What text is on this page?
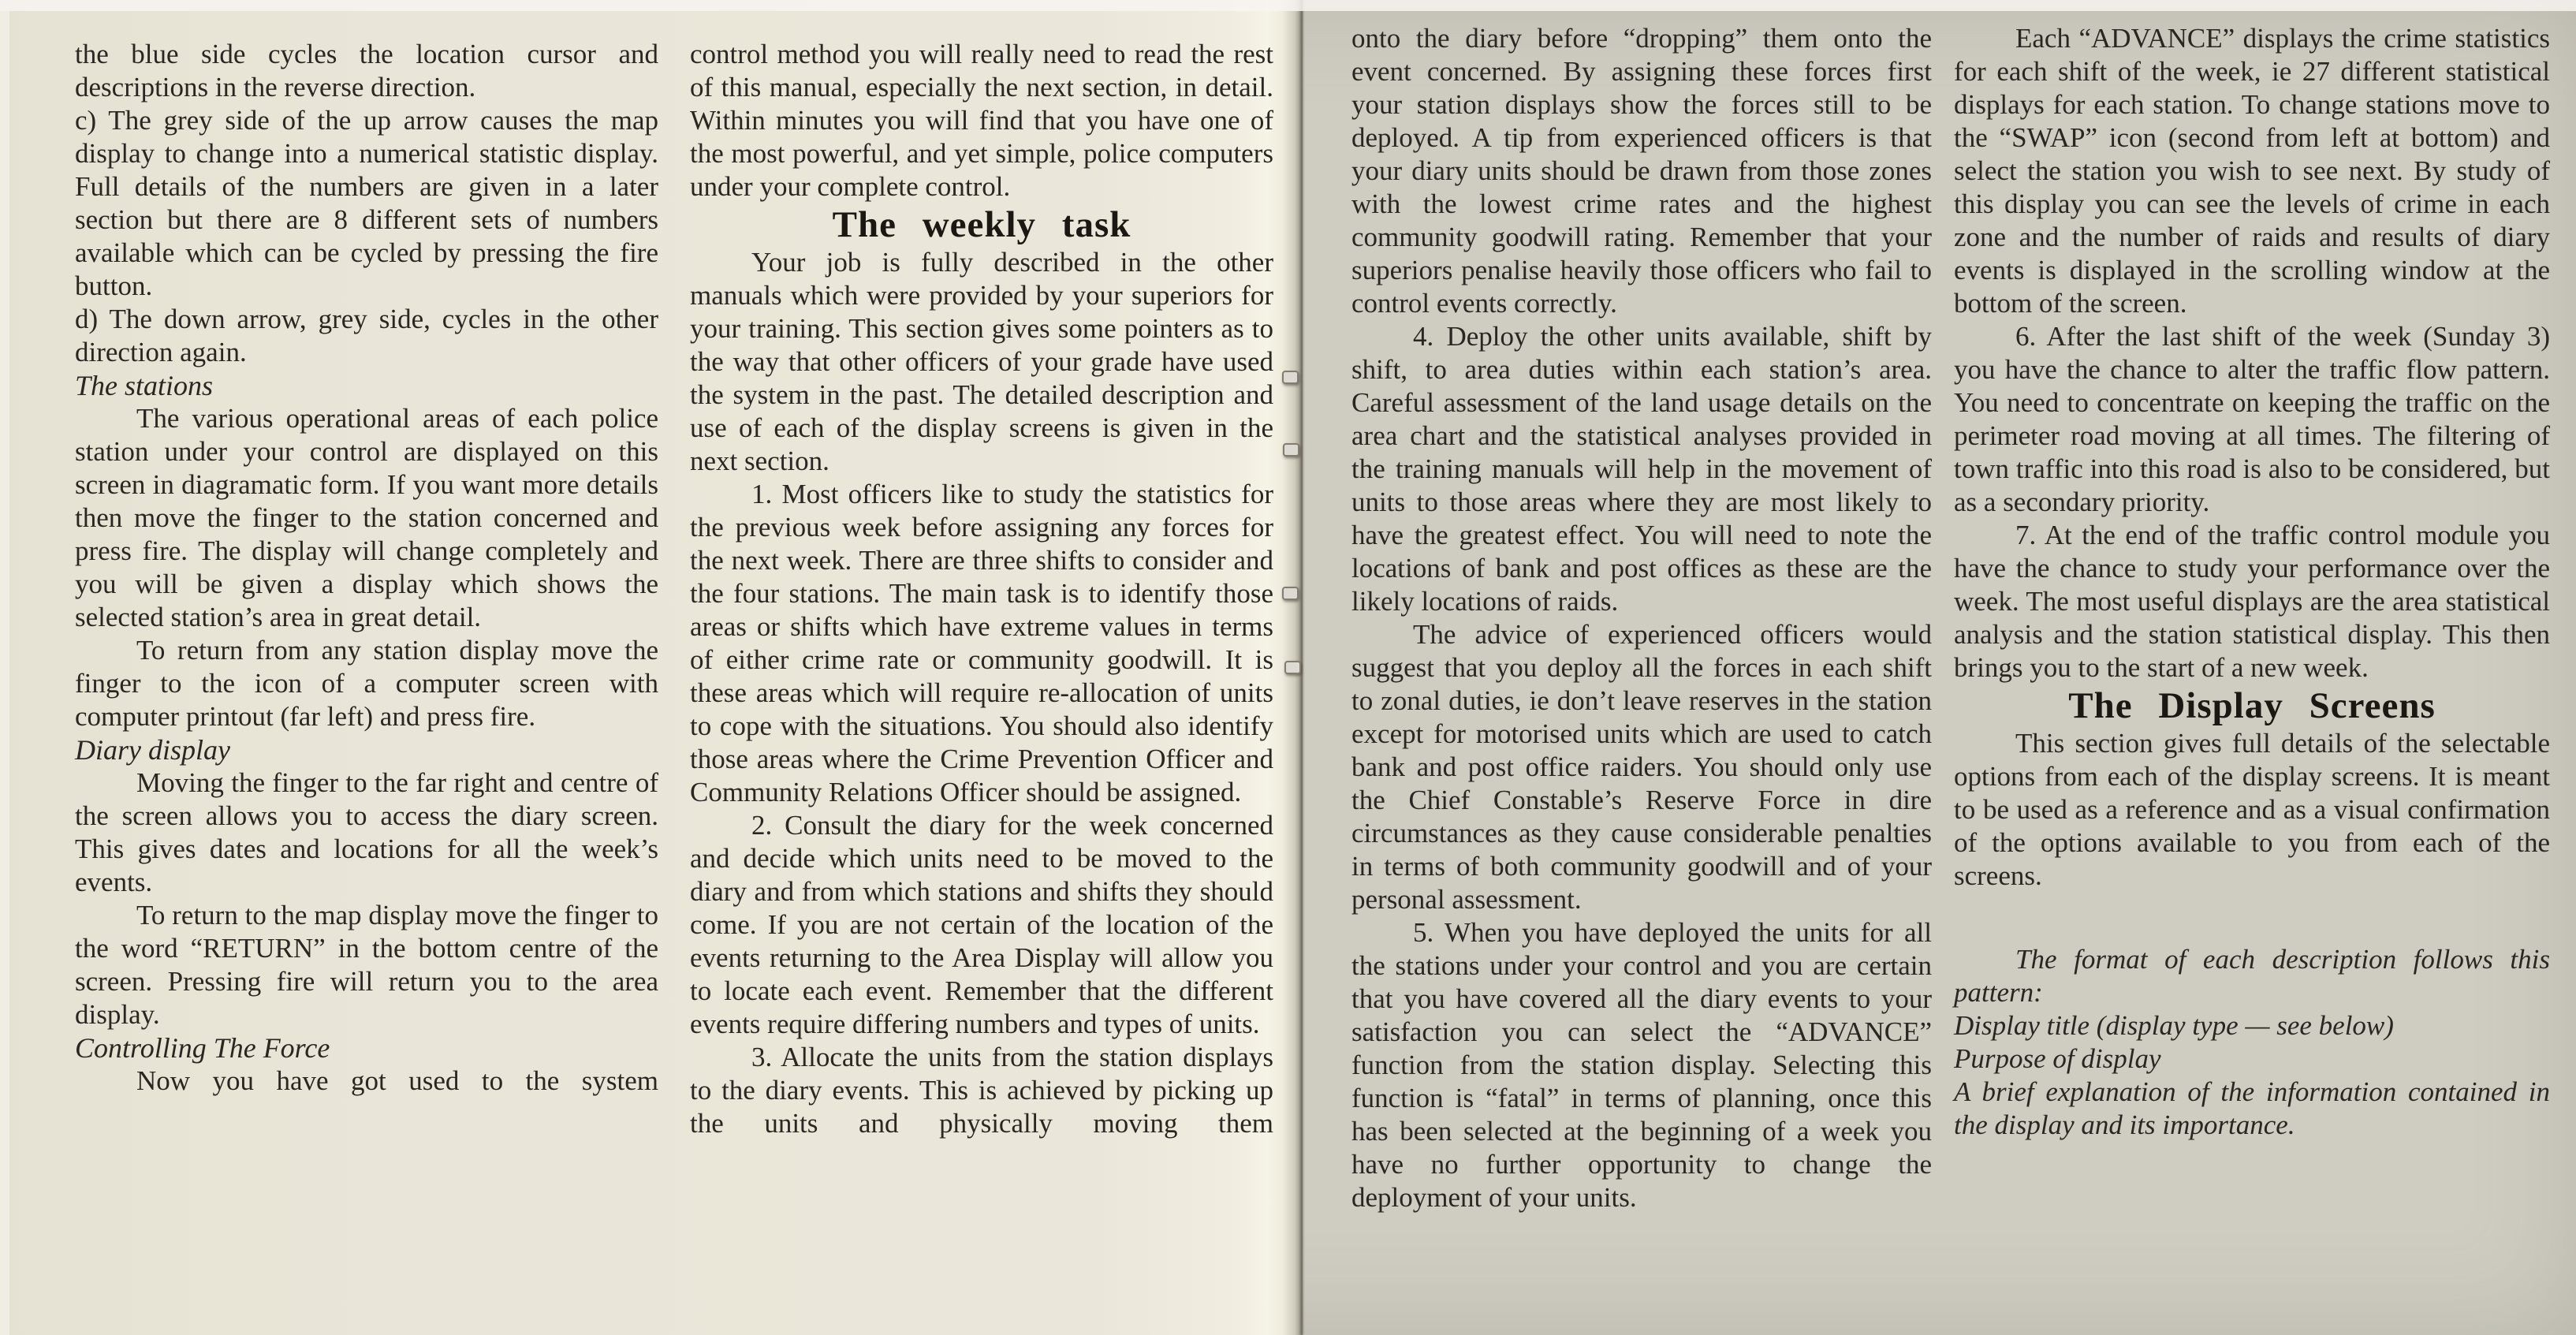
the blue side cycles the location cursor and descriptions in the reverse direction.

c) The grey side of the up arrow causes the map display to change into a numerical statistic display. Full details of the numbers are given in a later section but there are 8 different sets of numbers available which can be cycled by pressing the fire button.

d) The down arrow, grey side, cycles in the other direction again.

The stations

The various operational areas of each police station under your control are displayed on this screen in diagramatic form. If you want more details then move the finger to the station concerned and press fire. The display will change completely and you will be given a display which shows the selected station’s area in great detail.

To return from any station display move the finger to the icon of a computer screen with computer printout (far left) and press fire.

Diary display

Moving the finger to the far right and centre of the screen allows you to access the diary screen. This gives dates and locations for all the week’s events.

To return to the map display move the finger to the word “RETURN” in the bottom centre of the screen. Pressing fire will return you to the area display.

Controlling The Force

Now you have got used to the system

control method you will really need to read the rest of this manual, especially the next section, in detail. Within minutes you will find that you have one of the most powerful, and yet simple, police computers under your complete control.

The weekly task

Your job is fully described in the other manuals which were provided by your superiors for your training. This section gives some pointers as to the way that other officers of your grade have used the system in the past. The detailed description and use of each of the display screens is given in the next section.

1. Most officers like to study the statistics for the previous week before assigning any forces for the next week. There are three shifts to consider and the four stations. The main task is to identify those areas or shifts which have extreme values in terms of either crime rate or community goodwill. It is these areas which will require re-allocation of units to cope with the situations. You should also identify those areas where the Crime Prevention Officer and Community Relations Officer should be assigned.

2. Consult the diary for the week concerned and decide which units need to be moved to the diary and from which stations and shifts they should come. If you are not certain of the location of the events returning to the Area Display will allow you to locate each event. Remember that the different events require differing numbers and types of units.

3. Allocate the units from the station displays to the diary events. This is achieved by picking up the units and physically moving them

onto the diary before “dropping” them onto the event concerned. By assigning these forces first your station displays show the forces still to be deployed. A tip from experienced officers is that your diary units should be drawn from those zones with the lowest crime rates and the highest community goodwill rating. Remember that your superiors penalise heavily those officers who fail to control events correctly.

4. Deploy the other units available, shift by shift, to area duties within each station’s area. Careful assessment of the land usage details on the area chart and the statistical analyses provided in the training manuals will help in the movement of units to those areas where they are most likely to have the greatest effect. You will need to note the locations of bank and post offices as these are the likely locations of raids.

The advice of experienced officers would suggest that you deploy all the forces in each shift to zonal duties, ie don’t leave reserves in the station except for motorised units which are used to catch bank and post office raiders. You should only use the Chief Constable’s Reserve Force in dire circumstances as they cause considerable penalties in terms of both community goodwill and of your personal assessment.

5. When you have deployed the units for all the stations under your control and you are certain that you have covered all the diary events to your satisfaction you can select the “ADVANCE” function from the station display. Selecting this function is “fatal” in terms of planning, once this has been selected at the beginning of a week you have no further opportunity to change the deployment of your units.

Each “ADVANCE” displays the crime statistics for each shift of the week, ie 27 different statistical displays for each station. To change stations move to the “SWAP” icon (second from left at bottom) and select the station you wish to see next. By study of this display you can see the levels of crime in each zone and the number of raids and results of diary events is displayed in the scrolling window at the bottom of the screen.

6. After the last shift of the week (Sunday 3) you have the chance to alter the traffic flow pattern. You need to concentrate on keeping the traffic on the perimeter road moving at all times. The filtering of town traffic into this road is also to be considered, but as a secondary priority.

7. At the end of the traffic control module you have the chance to study your performance over the week. The most useful displays are the area statistical analysis and the station statistical display. This then brings you to the start of a new week.

The Display Screens

This section gives full details of the selectable options from each of the display screens. It is meant to be used as a reference and as a visual confirmation of the options available to you from each of the screens.

The format of each description follows this pattern:

Display title (display type — see below)

Purpose of display

A brief explanation of the information contained in the display and its importance.
